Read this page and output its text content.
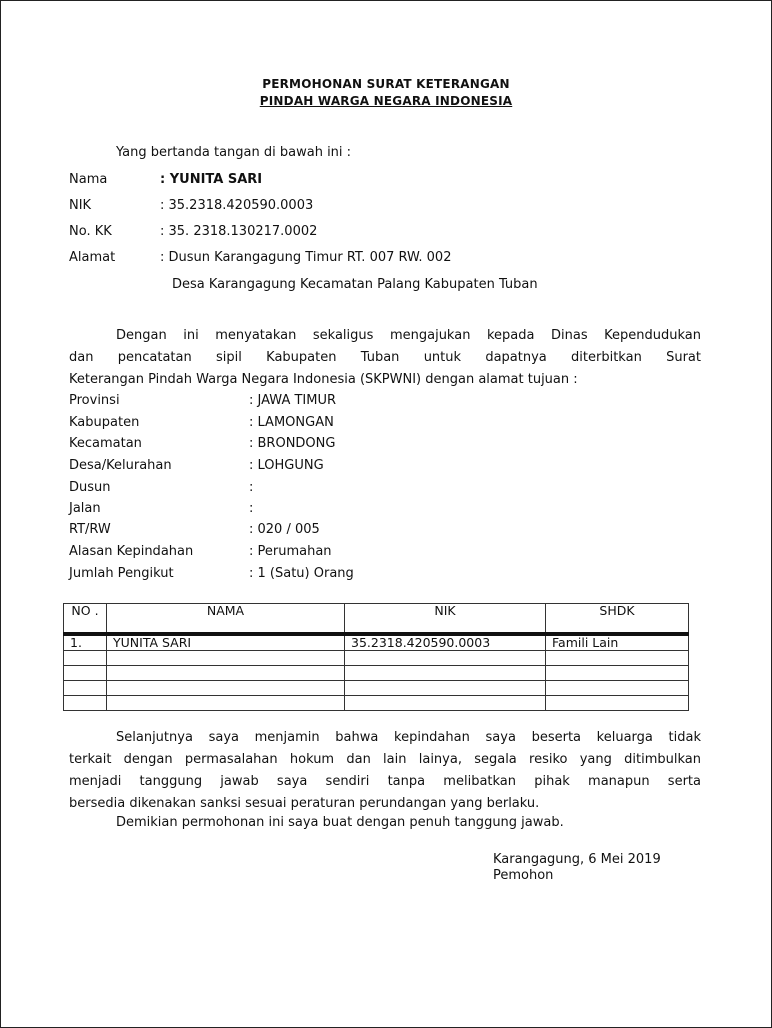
PERMOHONAN SURAT KETERANGAN
PINDAH WARGA NEGARA INDONESIA
Yang bertanda tangan di bawah ini :
Nama	: YUNITA SARI
NIK	: 35.2318.420590.0003
No. KK	: 35. 2318.130217.0002
Alamat	: Dusun Karangagung Timur RT. 007 RW. 002
Desa Karangagung Kecamatan Palang Kabupaten Tuban
Dengan ini menyatakan sekaligus mengajukan kepada Dinas Kependudukan
dan pencatatan sipil Kabupaten Tuban untuk dapatnya diterbitkan Surat
Keterangan Pindah Warga Negara Indonesia (SKPWNI) dengan alamat tujuan :
Provinsi	: JAWA TIMUR
Kabupaten	: LAMONGAN
Kecamatan	: BRONDONG
Desa/Kelurahan	: LOHGUNG
Dusun	:
Jalan	:
RT/RW	: 020 / 005
Alasan Kepindahan	: Perumahan
Jumlah Pengikut	: 1 (Satu) Orang
NO .	NAMA	NIK	SHDK
1.	YUNITA SARI	35.2318.420590.0003	Famili Lain

Selanjutnya saya menjamin bahwa kepindahan saya beserta keluarga tidak
terkait dengan permasalahan hokum dan lain lainya, segala resiko yang ditimbulkan
menjadi tanggung jawab saya sendiri tanpa melibatkan pihak manapun serta
bersedia dikenakan sanksi sesuai peraturan perundangan yang berlaku.
Demikian permohonan ini saya buat dengan penuh tanggung jawab.
Karangagung, 6 Mei 2019
Pemohon
